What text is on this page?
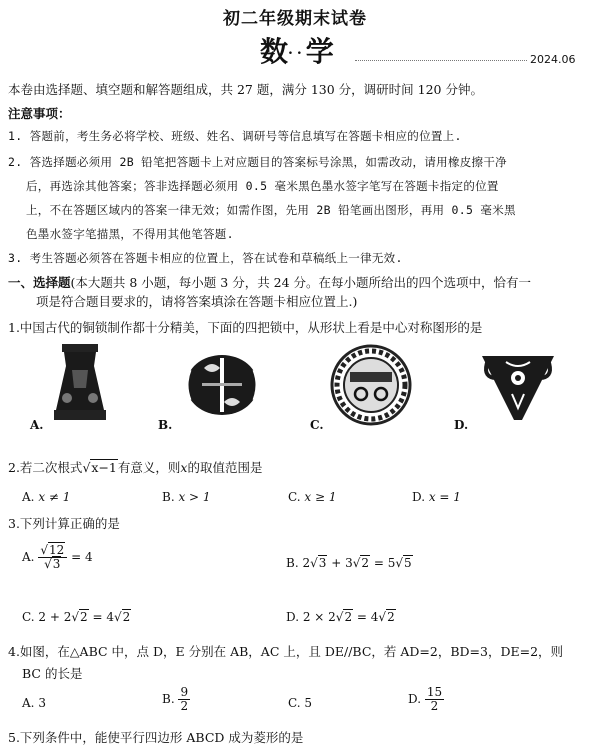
初二年级期末试卷
数··学	2024.06
本卷由选择题、填空题和解答题组成，共 27 题，满分 130 分，调研时间 120 分钟。
注意事项：
1. 答题前，考生务必将学校、班级、姓名、调研号等信息填写在答题卡相应的位置上.
2. 答选择题必须用 2B 铅笔把答题卡上对应题目的答案标号涂黑，如需改动，请用橡皮擦干净
后，再选涂其他答案；答非选择题必须用 0.5 毫米黑色墨水签字笔写在答题卡指定的位置
上，不在答题区域内的答案一律无效；如需作图，先用 2B 铅笔画出图形，再用 0.5 毫米黑
色墨水签字笔描黑，不得用其他笔答题.
3. 考生答题必须答在答题卡相应的位置上，答在试卷和草稿纸上一律无效.
一、选择题(本大题共 8 小题，每小题 3 分，共 24 分。在每小题所给出的四个选项中，恰有一
项是符合题目要求的，请将答案填涂在答题卡相应位置上.)
1.中国古代的铜锁制作都十分精美，下面的四把锁中，从形状上看是中心对称图形的是
A.	B.	C.	D.
2.若二次根式√x−1有意义，则x的取值范围是
A. x ≠ 1	B. x > 1	C. x ≥ 1	D. x = 1
3.下列计算正确的是
A. $\frac{√12}{√3} = 4$	B. 2√3 + 3√2 = 5√5
C. 2 + 2√2 = 4√2	D. 2 × 2√2 = 4√2
4.如图，在△ABC 中，点 D，E 分别在 AB，AC 上，且 DE//BC，若 AD=2，BD=3，DE=2，则
BC 的长是
A. 3	B. $\frac{9}{2}$	C. 5	D. $\frac{15}{2}$
5.下列条件中，能使平行四边形 ABCD 成为菱形的是
